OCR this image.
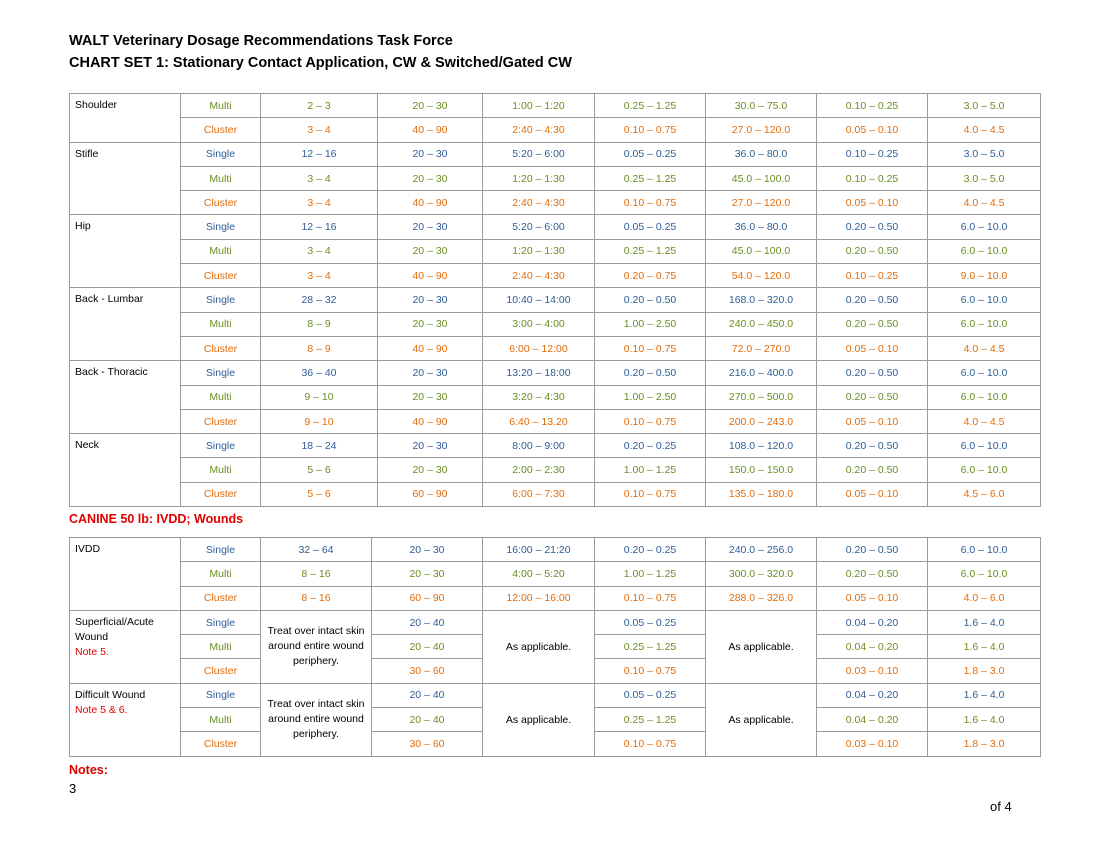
WALT Veterinary Dosage Recommendations Task Force
CHART SET 1: Stationary Contact Application, CW & Switched/Gated CW
Shoulder	Multi	2 – 3	20 – 30	1:00 – 1:20	0.25 – 1.25	30.0 – 75.0	0.10 – 0.25	3.0 – 5.0
	Cluster	3 – 4	40 – 90	2:40 – 4:30	0.10 – 0.75	27.0 – 120.0	0.05 – 0.10	4.0 – 4.5
Stifle	Single	12 – 16	20 – 30	5:20 – 6:00	0.05 – 0.25	36.0 – 80.0	0.10 – 0.25	3.0 – 5.0
	Multi	3 – 4	20 – 30	1:20 – 1:30	0.25 – 1.25	45.0 – 100.0	0.10 – 0.25	3.0 – 5.0
	Cluster	3 – 4	40 – 90	2:40 – 4:30	0.10 – 0.75	27.0 – 120.0	0.05 – 0.10	4.0 – 4.5
Hip	Single	12 – 16	20 – 30	5:20 – 6:00	0.05 – 0.25	36.0 – 80.0	0.20 – 0.50	6.0 – 10.0
	Multi	3 – 4	20 – 30	1:20 – 1:30	0.25 – 1.25	45.0 – 100.0	0.20 – 0.50	6.0 – 10.0
	Cluster	3 – 4	40 – 90	2:40 – 4:30	0.20 – 0.75	54.0 – 120.0	0.10 – 0.25	9.0 – 10.0
Back - Lumbar	Single	28 – 32	20 – 30	10:40 – 14:00	0.20 – 0.50	168.0 – 320.0	0.20 – 0.50	6.0 – 10.0
	Multi	8 – 9	20 – 30	3:00 – 4:00	1.00 – 2.50	240.0 – 450.0	0.20 – 0.50	6.0 – 10.0
	Cluster	8 – 9	40 – 90	6:00 – 12:00	0.10 – 0.75	72.0 – 270.0	0.05 – 0.10	4.0 – 4.5
Back - Thoracic	Single	36 – 40	20 – 30	13:20 – 18:00	0.20 – 0.50	216.0 – 400.0	0.20 – 0.50	6.0 – 10.0
	Multi	9 – 10	20 – 30	3:20 – 4:30	1.00 – 2.50	270.0 – 500.0	0.20 – 0.50	6.0 – 10.0
	Cluster	9 – 10	40 – 90	6:40 – 13.20	0.10 – 0.75	200.0 – 243.0	0.05 – 0.10	4.0 – 4.5
Neck	Single	18 – 24	20 – 30	8:00 – 9:00	0.20 – 0.25	108.0 – 120.0	0.20 – 0.50	6.0 – 10.0
	Multi	5 – 6	20 – 30	2:00 – 2:30	1.00 – 1.25	150.0 – 150.0	0.20 – 0.50	6.0 – 10.0
	Cluster	5 – 6	60 – 90	6:00 – 7:30	0.10 – 0.75	135.0 – 180.0	0.05 – 0.10	4.5 – 6.0
CANINE 50 lb: IVDD; Wounds
IVDD	Single	32 – 64	20 – 30	16:00 – 21:20	0.20 – 0.25	240.0 – 256.0	0.20 – 0.50	6.0 – 10.0
	Multi	8 – 16	20 – 30	4:00 – 5:20	1.00 – 1.25	300.0 – 320.0	0.20 – 0.50	6.0 – 10.0
	Cluster	8 – 16	60 – 90	12:00 – 16:00	0.10 – 0.75	288.0 – 326.0	0.05 – 0.10	4.0 – 6.0
Superficial/Acute
Wound
Note 5.	Single	Treat over intact skin around entire wound periphery.	20 – 40	As applicable.	0.05 – 0.25	As applicable.	0.04 – 0.20	1.6 – 4.0
	Multi		20 – 40		0.25 – 1.25		0.04 – 0.20	1.6 – 4.0
	Cluster		30 – 60		0.10 – 0.75		0.03 – 0.10	1.8 – 3.0
Difficult Wound
Note 5 & 6.	Single	Treat over intact skin around entire wound periphery.	20 – 40	As applicable.	0.05 – 0.25	As applicable.	0.04 – 0.20	1.6 – 4.0
	Multi		20 – 40		0.25 – 1.25		0.04 – 0.20	1.6 – 4.0
	Cluster		30 – 60		0.10 – 0.75		0.03 – 0.10	1.8 – 3.0
Notes:
3
of 4
